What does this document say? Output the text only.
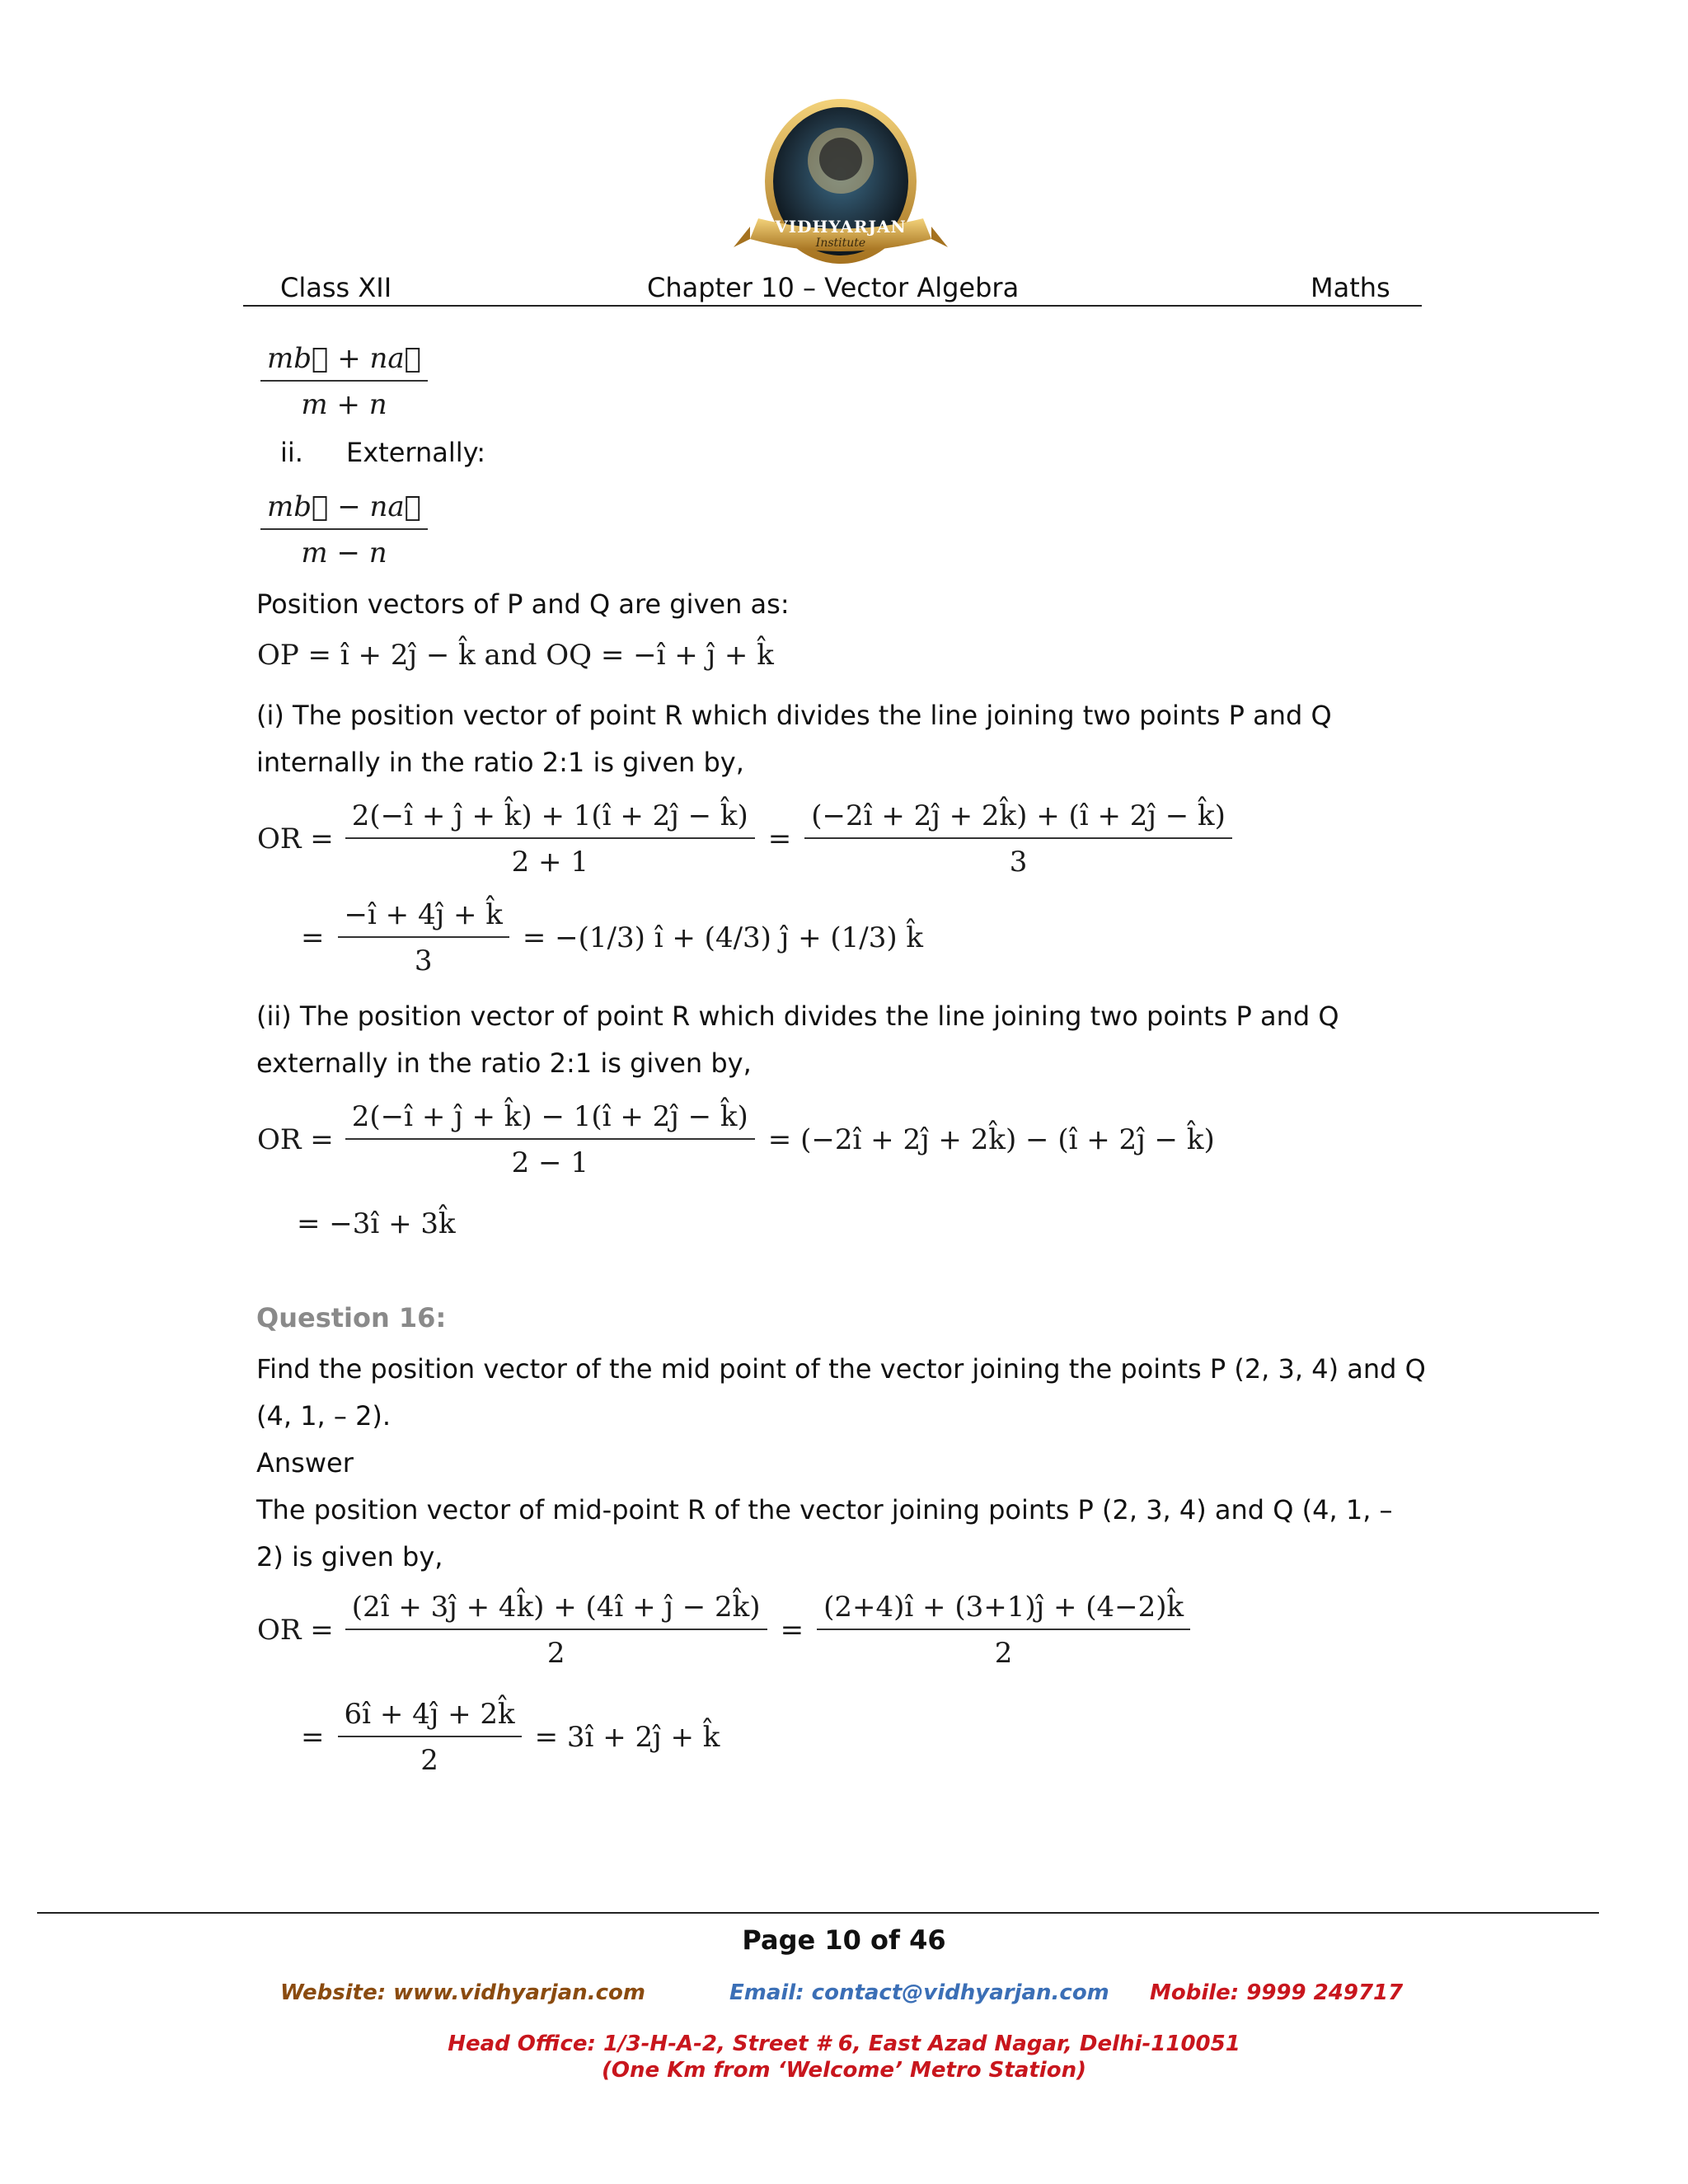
VIDHYARJAN
Institute
Class XII	Chapter 10 – Vector Algebra	Maths
$\frac{mb⃗ + na⃗}{m + n}$
ii. Externally:
$\frac{mb⃗ - na⃗}{m - n}$
Position vectors of P and Q are given as:
OP = î + 2ĵ − k̂ and OQ = −î + ĵ + k̂
(i) The position vector of point R which divides the line joining two points P and Q internally in the ratio 2:1 is given by,
OR = $\frac{2(-î + ĵ + k̂) + 1(î + 2ĵ - k̂)}{2 + 1} = \frac{(-2î + 2ĵ + 2k̂) + (î + 2ĵ - k̂)}{3}$
= $\frac{-î + 4ĵ + k̂}{3} = -(1/3)$ î + (4/3) ĵ + (1/3) k̂
(ii) The position vector of point R which divides the line joining two points P and Q externally in the ratio 2:1 is given by,
OR = $\frac{2(-î + ĵ + k̂) - 1(î + 2ĵ - k̂)}{2 - 1}$ = (−2î + 2ĵ + 2k̂) − (î + 2ĵ − k̂)
= −3î + 3k̂
Question 16:
Find the position vector of the mid point of the vector joining the points P (2, 3, 4) and Q (4, 1, – 2).
Answer
The position vector of mid-point R of the vector joining points P (2, 3, 4) and Q (4, 1, – 2) is given by,
OR = $\frac{(2î + 3ĵ + 4k̂) + (4î + ĵ - 2k̂)}{2} = \frac{(2+4)î + (3+1)ĵ + (4-2)k̂}{2}$
= $\frac{6î + 4ĵ + 2k̂}{2}$ = 3î + 2ĵ + k̂
Page 10 of 46
Website: www.vidhyarjan.com	Email: contact@vidhyarjan.com Mobile: 9999 249717
Head Office: 1/3-H-A-2, Street # 6, East Azad Nagar, Delhi-110051
(One Km from ‘Welcome’ Metro Station)
